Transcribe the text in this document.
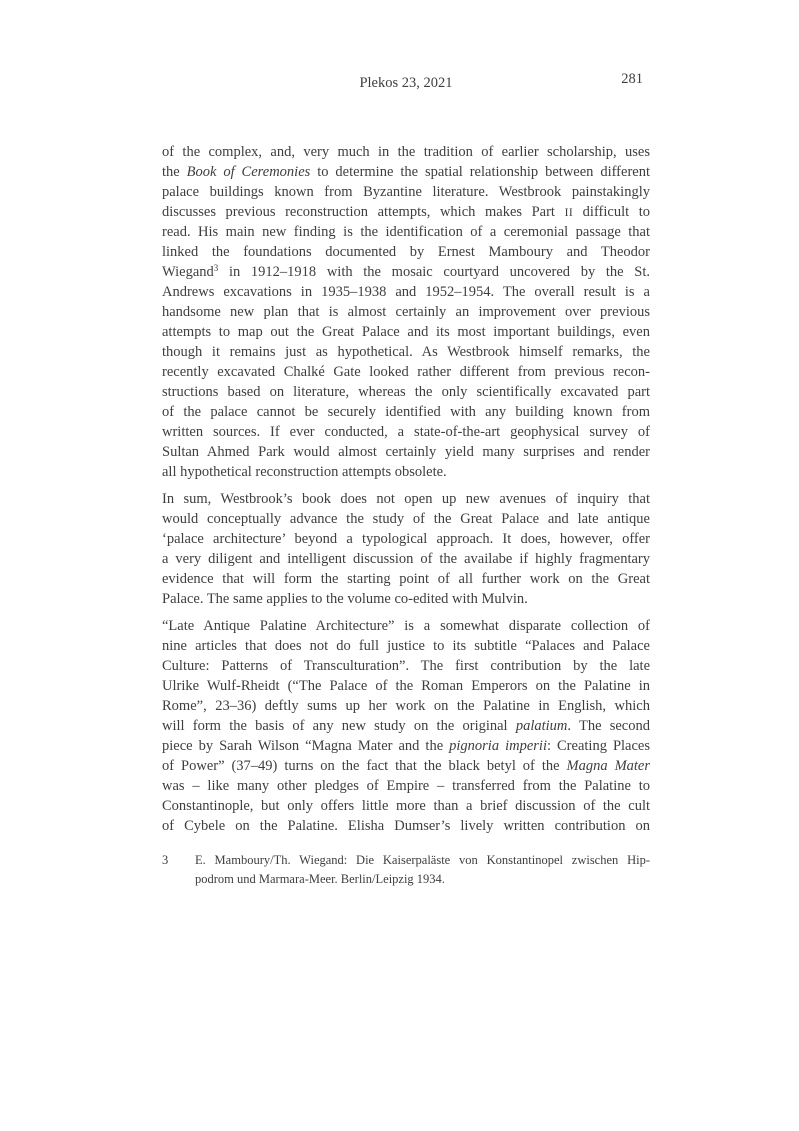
Plekos 23, 2021	281
of the complex, and, very much in the tradition of earlier scholarship, uses
the Book of Ceremonies to determine the spatial relationship between different
palace buildings known from Byzantine literature. Westbrook painstakingly
discusses previous reconstruction attempts, which makes Part II difficult to
read. His main new finding is the identification of a ceremonial passage that
linked the foundations documented by Ernest Mamboury and Theodor
Wiegand$^3$ in 1912–1918 with the mosaic courtyard uncovered by the St.
Andrews excavations in 1935–1938 and 1952–1954. The overall result is a
handsome new plan that is almost certainly an improvement over previous
attempts to map out the Great Palace and its most important buildings, even
though it remains just as hypothetical. As Westbrook himself remarks, the
recently excavated Chalké Gate looked rather different from previous recon-
structions based on literature, whereas the only scientifically excavated part
of the palace cannot be securely identified with any building known from
written sources. If ever conducted, a state-of-the-art geophysical survey of
Sultan Ahmed Park would almost certainly yield many surprises and render
all hypothetical reconstruction attempts obsolete.
In sum, Westbrook’s book does not open up new avenues of inquiry that
would conceptually advance the study of the Great Palace and late antique
‘palace architecture’ beyond a typological approach. It does, however, offer
a very diligent and intelligent discussion of the availabe if highly fragmentary
evidence that will form the starting point of all further work on the Great
Palace. The same applies to the volume co-edited with Mulvin.
“Late Antique Palatine Architecture” is a somewhat disparate collection of
nine articles that does not do full justice to its subtitle “Palaces and Palace
Culture: Patterns of Transculturation”. The first contribution by the late
Ulrike Wulf-Rheidt (“The Palace of the Roman Emperors on the Palatine in
Rome”, 23–36) deftly sums up her work on the Palatine in English, which
will form the basis of any new study on the original palatium. The second
piece by Sarah Wilson “Magna Mater and the pignoria imperii: Creating Places
of Power” (37–49) turns on the fact that the black betyl of the Magna Mater
was – like many other pledges of Empire – transferred from the Palatine to
Constantinople, but only offers little more than a brief discussion of the cult
of Cybele on the Palatine. Elisha Dumser’s lively written contribution on
3	E. Mamboury/Th. Wiegand: Die Kaiserpaläste von Konstantinopel zwischen Hip-
podrom und Marmara-Meer. Berlin/Leipzig 1934.
